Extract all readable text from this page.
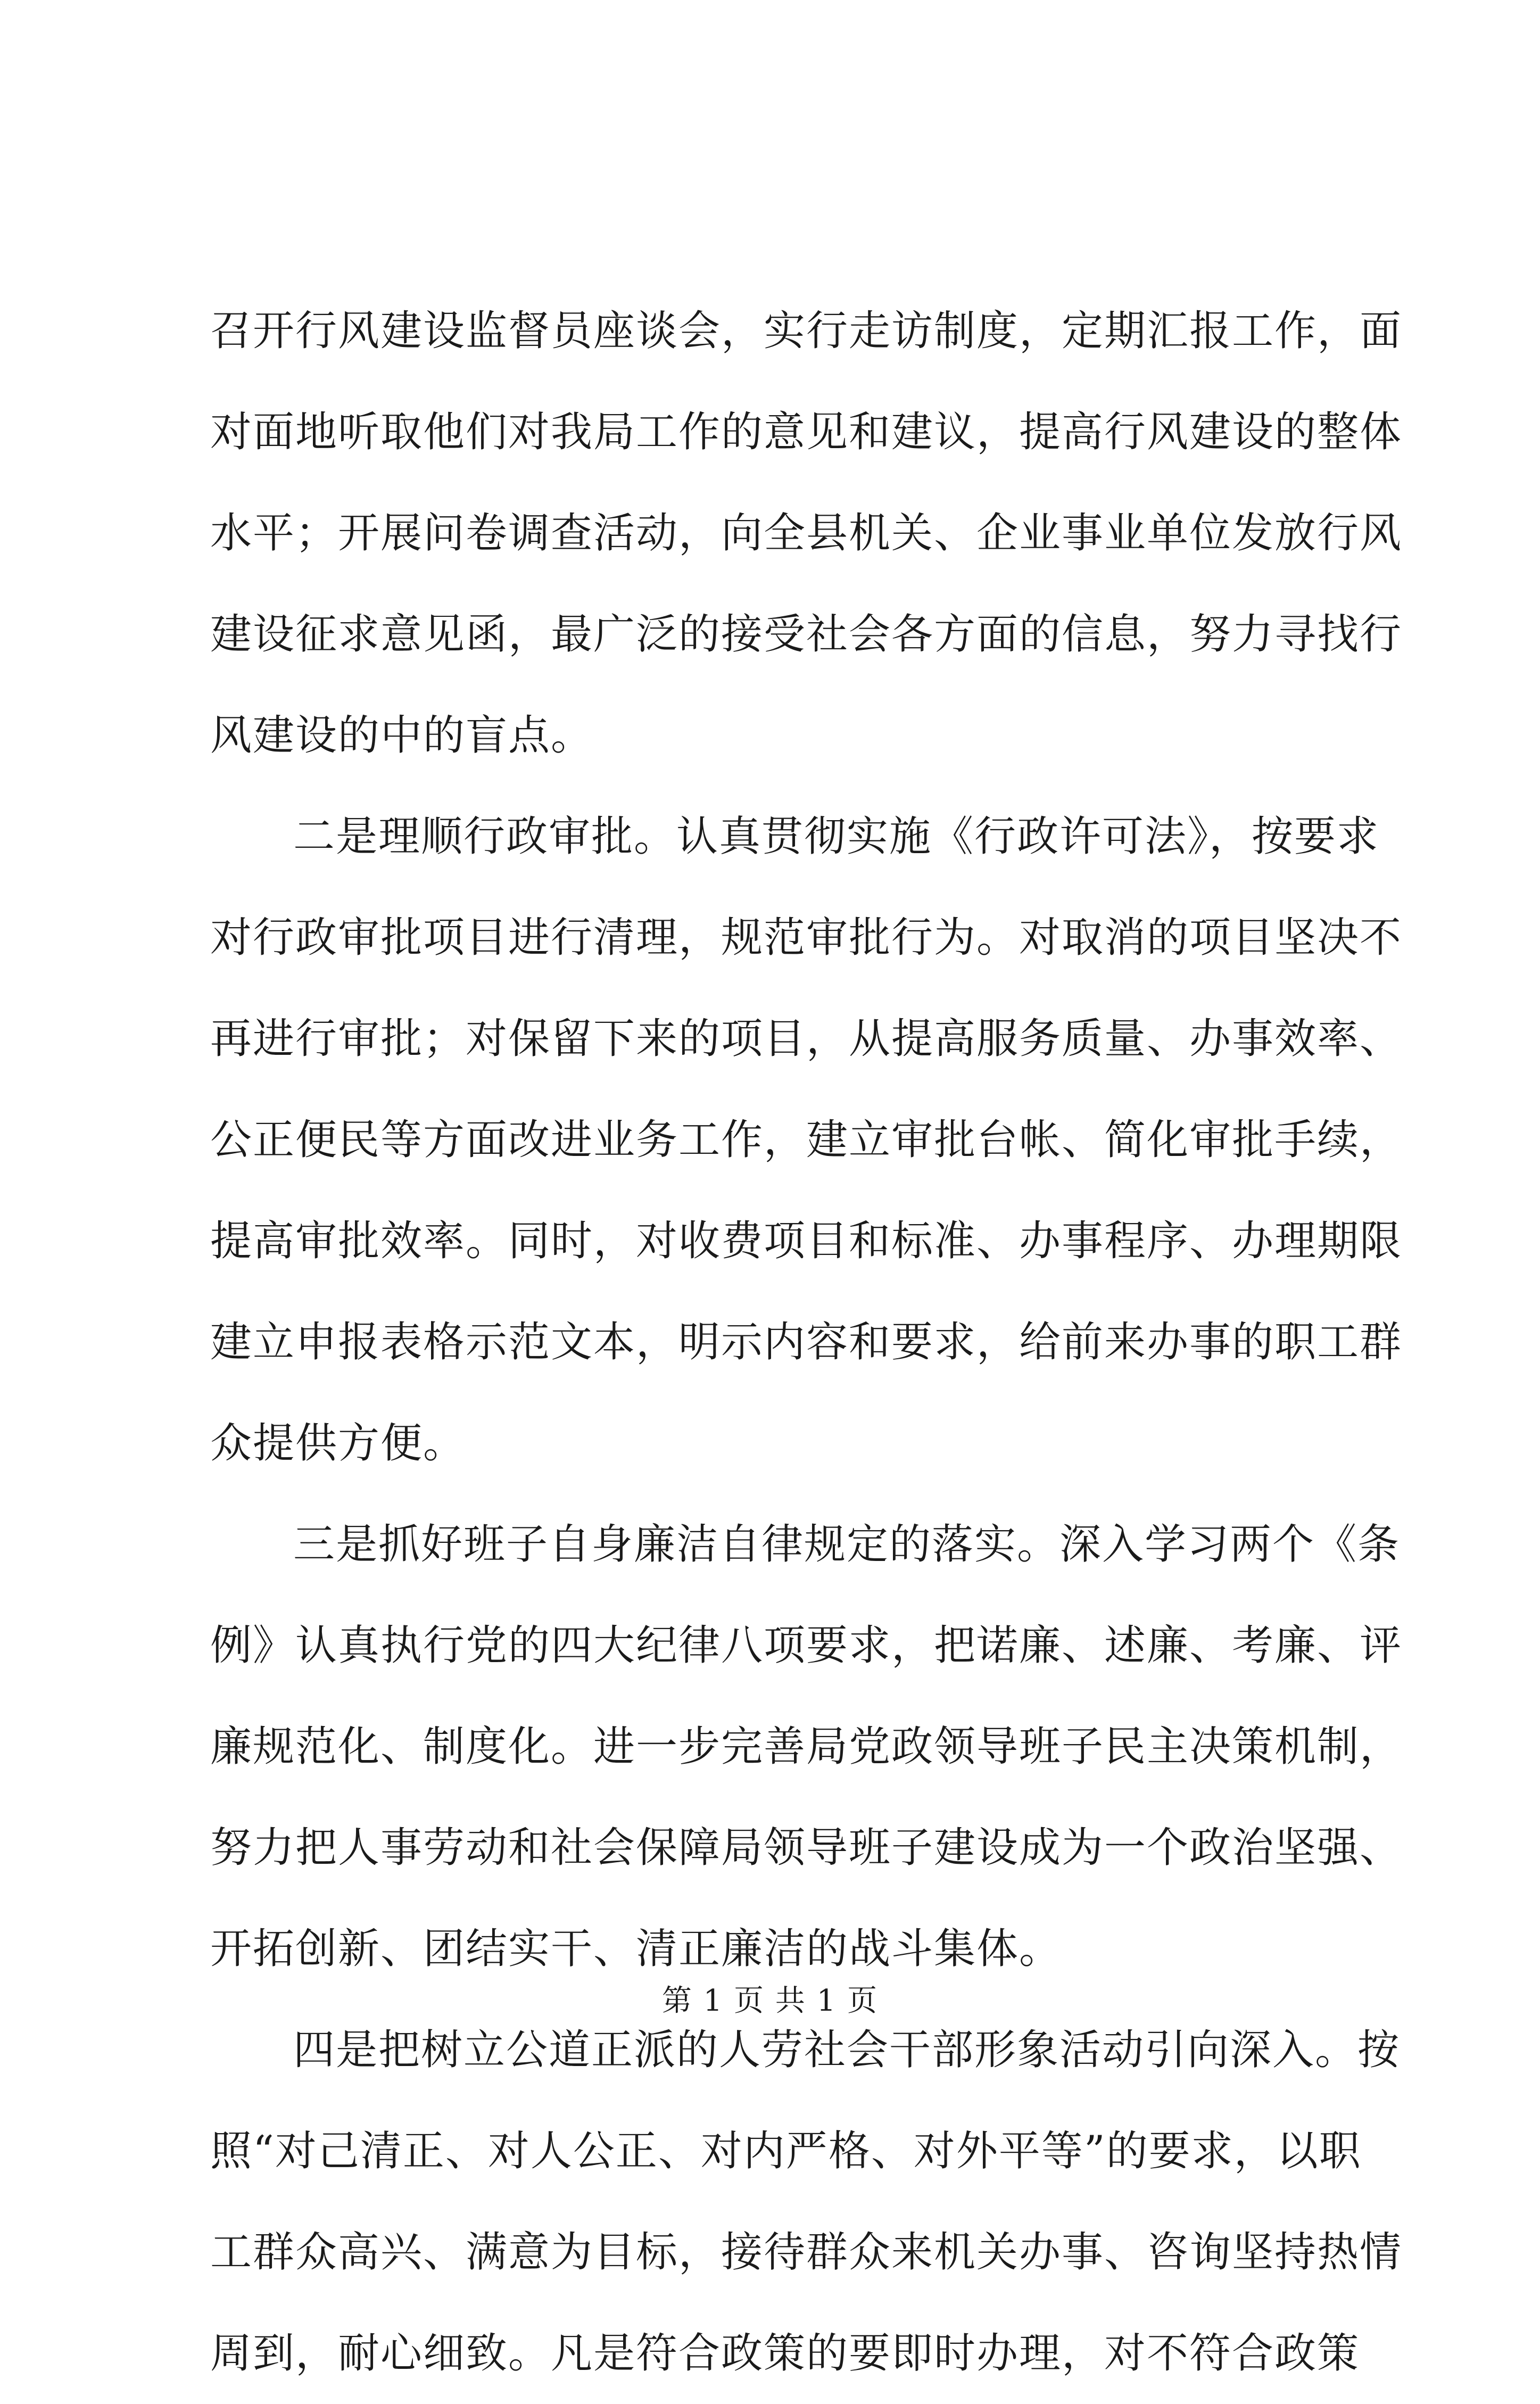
召开行风建设监督员座谈会，实行走访制度，定期汇报工作，面
对面地听取他们对我局工作的意见和建议，提高行风建设的整体
水平；开展问卷调查活动，向全县机关、企业事业单位发放行风
建设征求意见函，最广泛的接受社会各方面的信息，努力寻找行
风建设的中的盲点。
二是理顺行政审批。认真贯彻实施《行政许可法》，按要求
对行政审批项目进行清理，规范审批行为。对取消的项目坚决不
再进行审批；对保留下来的项目，从提高服务质量、办事效率、
公正便民等方面改进业务工作，建立审批台帐、简化审批手续，
提高审批效率。同时，对收费项目和标准、办事程序、办理期限
建立申报表格示范文本，明示内容和要求，给前来办事的职工群
众提供方便。
三是抓好班子自身廉洁自律规定的落实。深入学习两个《条
例》认真执行党的四大纪律八项要求，把诺廉、述廉、考廉、评
廉规范化、制度化。进一步完善局党政领导班子民主决策机制，
努力把人事劳动和社会保障局领导班子建设成为一个政治坚强、
开拓创新、团结实干、清正廉洁的战斗集体。
四是把树立公道正派的人劳社会干部形象活动引向深入。按
照“对己清正、对人公正、对内严格、对外平等”的要求，以职
工群众高兴、满意为目标，接待群众来机关办事、咨询坚持热情
周到，耐心细致。凡是符合政策的要即时办理，对不符合政策
第 1 页 共 1 页
